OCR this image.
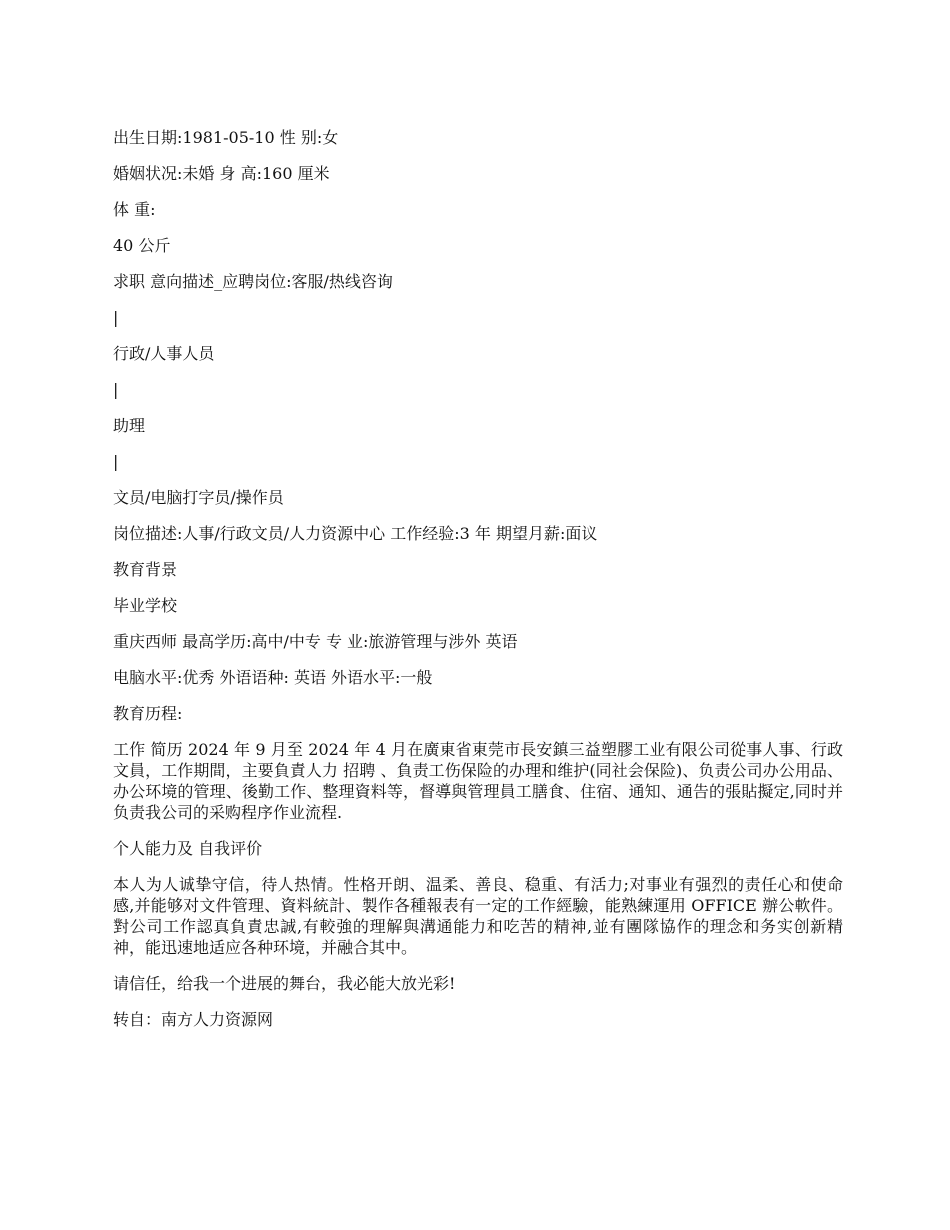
出生日期:1981-05-10 性 别:女
婚姻状况:未婚 身 高:160 厘米
体 重:
40 公斤
求职 意向描述_应聘岗位:客服/热线咨询
|
行政/人事人员
|
助理
|
文员/电脑打字员/操作员
岗位描述:人事/行政文员/人力资源中心 工作经验:3 年 期望月薪:面议
教育背景
毕业学校
重庆西师 最高学历:高中/中专 专 业:旅游管理与涉外 英语
电脑水平:优秀 外语语种: 英语 外语水平:一般
教育历程:
工作 简历 2024 年 9 月至 2024 年 4 月在廣東省東莞市長安鎮三益塑膠工业有限公司從事人事、行政文員，工作期間，主要負責人力 招聘 、負责工伤保险的办理和维护(同社会保险)、负责公司办公用品、办公环境的管理、後勤工作、整理資料等，督導與管理員工膳食、住宿、通知、通告的張貼擬定,同时并负责我公司的采购程序作业流程.
个人能力及 自我评价
本人为人诚挚守信，待人热情。性格开朗、温柔、善良、稳重、有活力;对事业有强烈的责任心和使命感,并能够对文件管理、資料統計、製作各種報表有一定的工作經驗，能熟練運用 OFFICE 辦公軟件。對公司工作認真負責忠誠,有較強的理解與溝通能力和吃苦的精神,並有團隊協作的理念和务实创新精神，能迅速地适应各种环境，并融合其中。
请信任，给我一个进展的舞台，我必能大放光彩!
转自：南方人力资源网
